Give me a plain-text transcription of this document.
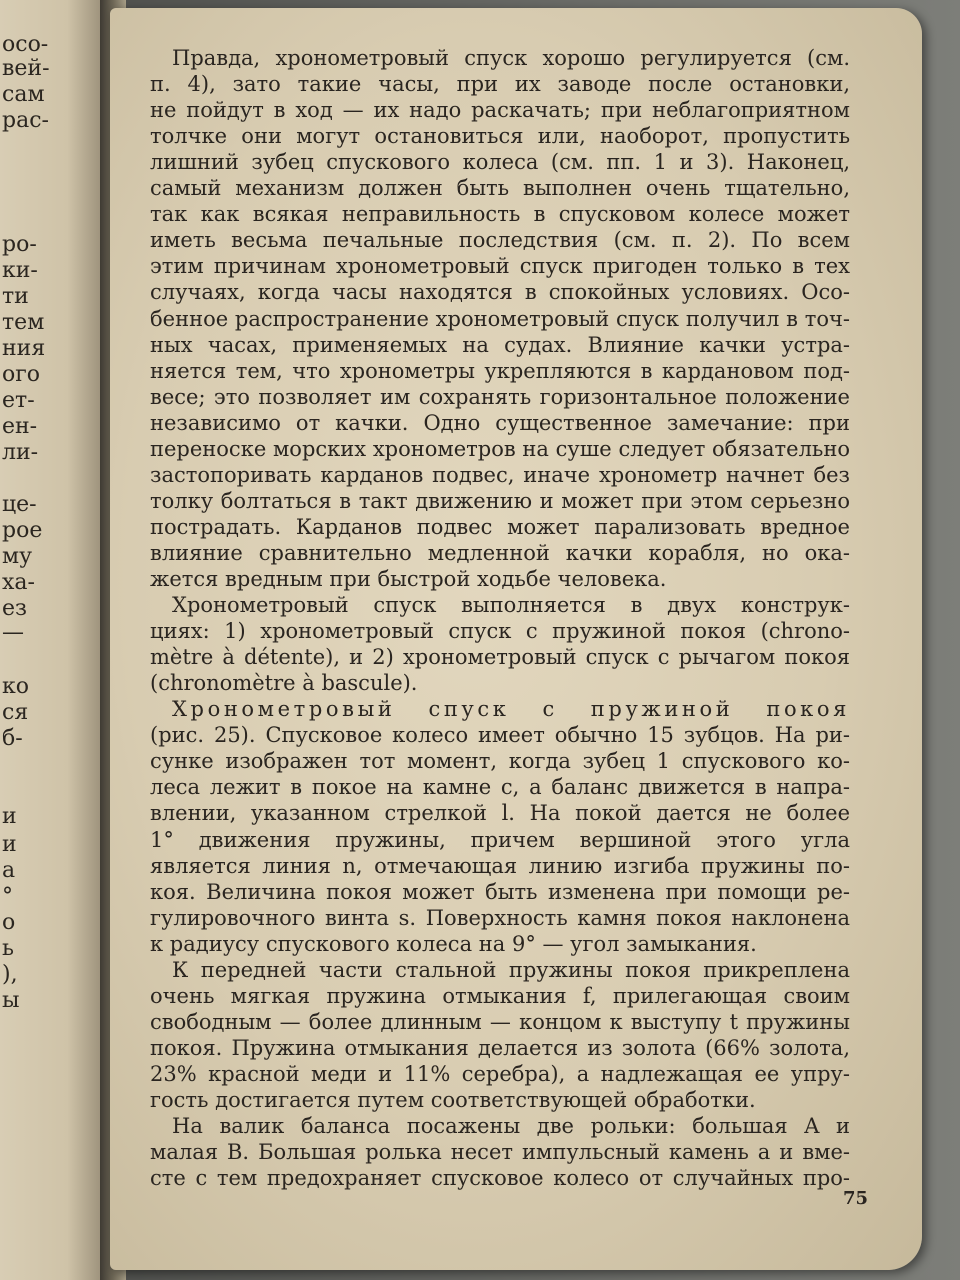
осо-
вей-
сам
рас-
ро-
ки-
ти
тем
ния
ого
ет-
ен-
ли-
це-
рое
му
ха-
ез
—
ко
ся
б-
и
и
а
°
о
ь
),
ы
Правда, хронометровый спуск хорошо регулируется (см.
п. 4), зато такие часы, при их заводе после остановки,
не пойдут в ход — их надо раскачать; при неблагоприятном
толчке они могут остановиться или, наоборот, пропустить
лишний зубец спускового колеса (см. пп. 1 и 3). Наконец,
самый механизм должен быть выполнен очень тщательно,
так как всякая неправильность в спусковом колесе может
иметь весьма печальные последствия (см. п. 2). По всем
этим причинам хронометровый спуск пригоден только в тех
случаях, когда часы находятся в спокойных условиях. Осо-
бенное распространение хронометровый спуск получил в точ-
ных часах, применяемых на судах. Влияние качки устра-
няется тем, что хронометры укрепляются в кардановом под-
весе; это позволяет им сохранять горизонтальное положение
независимо от качки. Одно существенное замечание: при
переноске морских хронометров на суше следует обязательно
застопоривать карданов подвес, иначе хронометр начнет без
толку болтаться в такт движению и может при этом серьезно
пострадать. Карданов подвес может парализовать вредное
влияние сравнительно медленной качки корабля, но ока-
жется вредным при быстрой ходьбе человека.
Хронометровый спуск выполняется в двух конструк-
циях: 1) хронометровый спуск с пружиной покоя (chrono-
mètre à détente), и 2) хронометровый спуск с рычагом покоя
(chronomètre à bascule).
Хронометровый спуск с пружиной покоя
(рис. 25). Спусковое колесо имеет обычно 15 зубцов. На ри-
сунке изображен тот момент, когда зубец 1 спускового ко-
леса лежит в покое на камне c, а баланс движется в напра-
влении, указанном стрелкой l. На покой дается не более
1° движения пружины, причем вершиной этого угла
является линия n, отмечающая линию изгиба пружины по-
коя. Величина покоя может быть изменена при помощи ре-
гулировочного винта s. Поверхность камня покоя наклонена
к радиусу спускового колеса на 9° — угол замыкания.
К передней части стальной пружины покоя прикреплена
очень мягкая пружина отмыкания f, прилегающая своим
свободным — более длинным — концом к выступу t пружины
покоя. Пружина отмыкания делается из золота (66% золота,
23% красной меди и 11% серебра), а надлежащая ее упру-
гость достигается путем соответствующей обработки.
На валик баланса посажены две рольки: большая A и
малая B. Большая ролька несет импульсный камень a и вме-
сте с тем предохраняет спусковое колесо от случайных про-
75
